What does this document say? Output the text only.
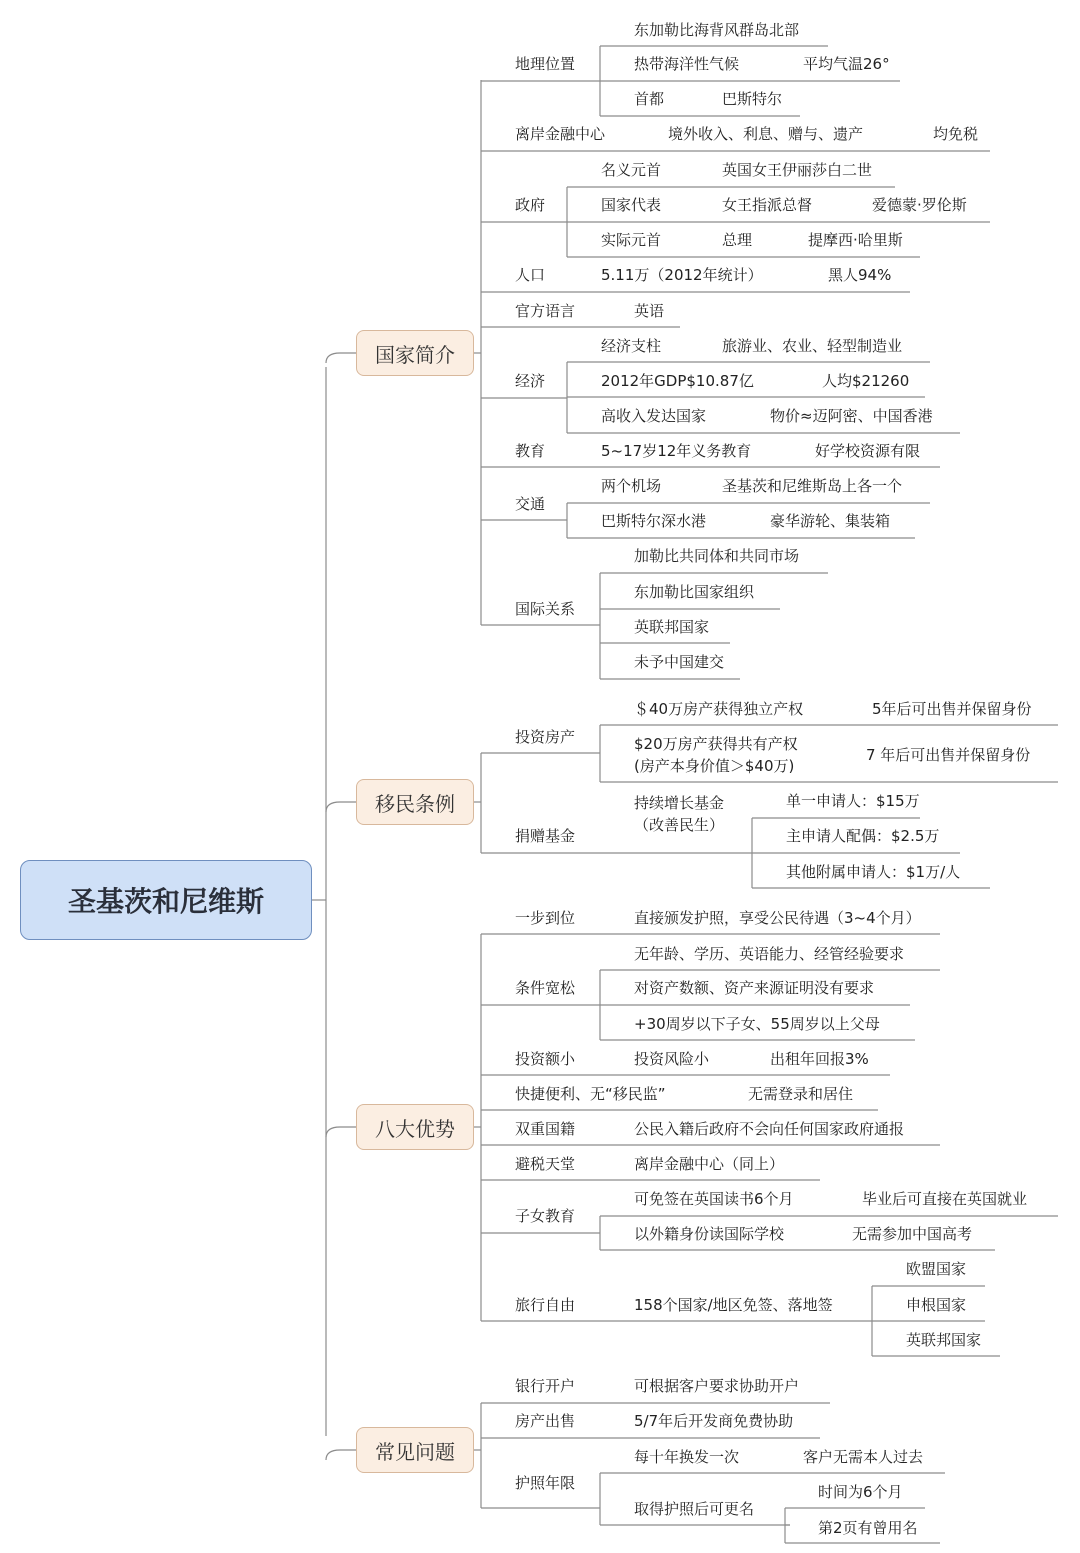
圣基茨和尼维斯
国家简介
移民条例
八大优势
常见问题
地理位置
东加勒比海背风群岛北部
热带海洋性气候	平均气温26°
首都	巴斯特尔
离岸金融中心	境外收入、利息、赠与、遗产	均免税
政府
名义元首	英国女王伊丽莎白二世
国家代表	女王指派总督	爱德蒙·罗伦斯
实际元首	总理	提摩西·哈里斯
人口	5.11万（2012年统计）	黑人94%
官方语言	英语
经济
经济支柱	旅游业、农业、轻型制造业
2012年GDP$10.87亿	人均$21260
高收入发达国家	物价≈迈阿密、中国香港
教育	5~17岁12年义务教育	好学校资源有限
交通
两个机场	圣基茨和尼维斯岛上各一个
巴斯特尔深水港	豪华游轮、集装箱
国际关系
加勒比共同体和共同市场
东加勒比国家组织
英联邦国家
未予中国建交
投资房产
＄40万房产获得独立产权	5年后可出售并保留身份
$20万房产获得共有产权
(房产本身价值＞$40万)
7 年后可出售并保留身份
捐赠基金
持续增长基金
（改善民生）
单一申请人：$15万
主申请人配偶：$2.5万
其他附属申请人：$1万/人
一步到位	直接颁发护照，享受公民待遇（3~4个月）
条件宽松
无年龄、学历、英语能力、经管经验要求
对资产数额、资产来源证明没有要求
+30周岁以下子女、55周岁以上父母
投资额小	投资风险小	出租年回报3%
快捷便利、无“移民监”	无需登录和居住
双重国籍	公民入籍后政府不会向任何国家政府通报
避税天堂	离岸金融中心（同上）
子女教育
可免签在英国读书6个月	毕业后可直接在英国就业
以外籍身份读国际学校	无需参加中国高考
旅行自由	158个国家/地区免签、落地签
欧盟国家
申根国家
英联邦国家
银行开户	可根据客户要求协助开户
房产出售	5/7年后开发商免费协助
护照年限
每十年换发一次	客户无需本人过去
取得护照后可更名
时间为6个月
第2页有曾用名
